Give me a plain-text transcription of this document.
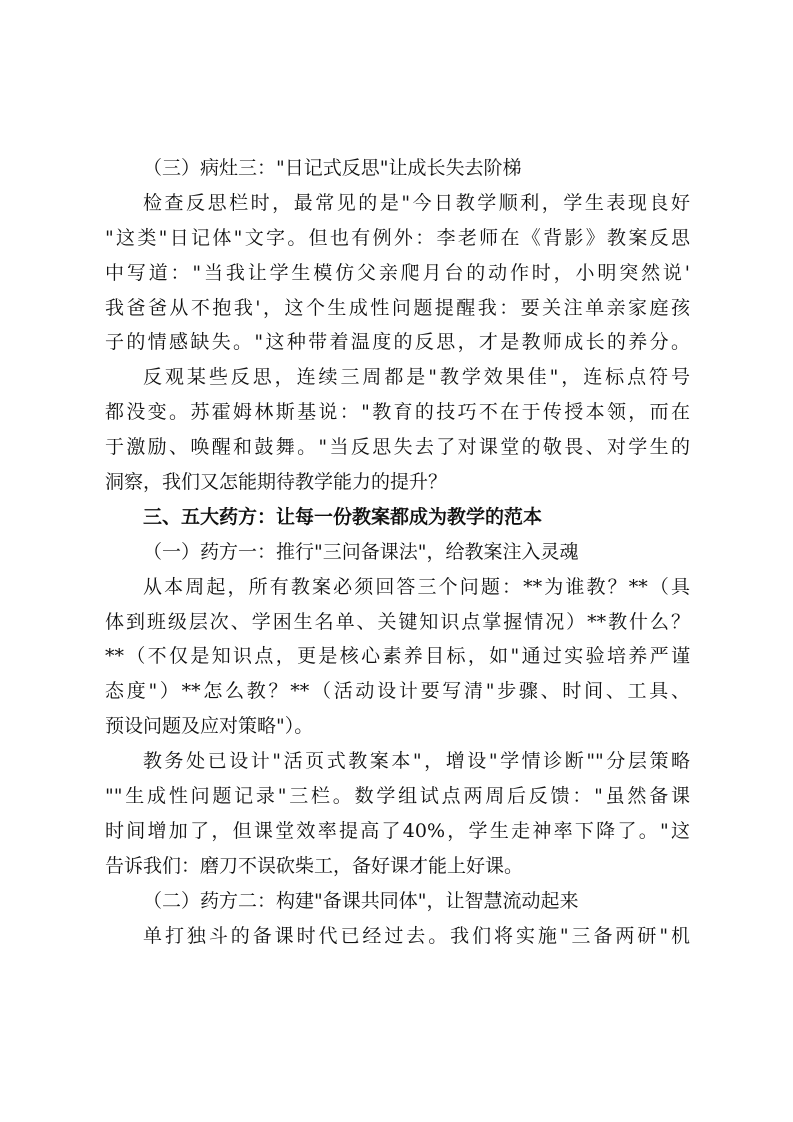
（三）病灶三："日记式反思"让成长失去阶梯
检查反思栏时，最常见的是"今日教学顺利，学生表现良好
"这类"日记体"文字。但也有例外：李老师在《背影》教案反思
中写道："当我让学生模仿父亲爬月台的动作时，小明突然说'
我爸爸从不抱我'，这个生成性问题提醒我：要关注单亲家庭孩
子的情感缺失。"这种带着温度的反思，才是教师成长的养分。
反观某些反思，连续三周都是"教学效果佳"，连标点符号
都没变。苏霍姆林斯基说："教育的技巧不在于传授本领，而在
于激励、唤醒和鼓舞。"当反思失去了对课堂的敬畏、对学生的
洞察，我们又怎能期待教学能力的提升？
三、五大药方：让每一份教案都成为教学的范本
（一）药方一：推行"三问备课法"，给教案注入灵魂
从本周起，所有教案必须回答三个问题：**为谁教？**（具
体到班级层次、学困生名单、关键知识点掌握情况）**教什么？
**（不仅是知识点，更是核心素养目标，如"通过实验培养严谨
态度"）**怎么教？**（活动设计要写清"步骤、时间、工具、
预设问题及应对策略"）。
教务处已设计"活页式教案本"，增设"学情诊断""分层策略
""生成性问题记录"三栏。数学组试点两周后反馈："虽然备课
时间增加了，但课堂效率提高了40%，学生走神率下降了。"这
告诉我们：磨刀不误砍柴工，备好课才能上好课。
（二）药方二：构建"备课共同体"，让智慧流动起来
单打独斗的备课时代已经过去。我们将实施"三备两研"机
